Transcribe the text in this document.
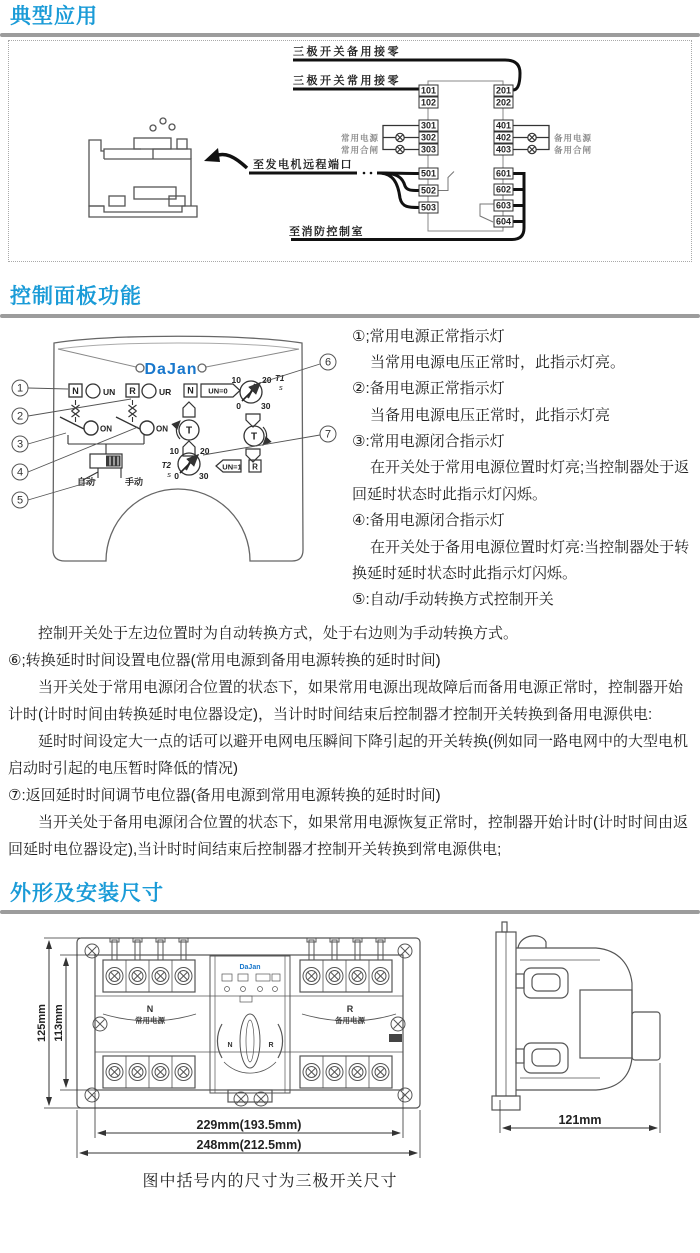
典型应用
三极开关备用接零
三极开关常用接零
常用电源
常用合闸
备用电源
备用合闸
至发电机远程端口
至消防控制室
101
102
301
302
303
501
502
503
201
202
401
402
403
601
602
603
604
控制面板功能
DaJan
N	UN R	UR
ON	ON
自动	手动
N UN=0
T
10 20
0 30
T2
s
10 20
0 30
T1
s
T
UN=1 R
1
2
3
4
5
6
7
①;常用电源正常指示灯
当常用电源电压正常时，此指示灯亮。
②:备用电源正常指示灯
当备用电源电压正常时，此指示灯亮
③:常用电源闭合指示灯
在开关处于常用电源位置时灯亮;当控制器处于返回延时状态时此指示灯闪烁。
④:备用电源闭合指示灯
在开关处于备用电源位置时灯亮:当控制器处于转换延时延时状态时此指示灯闪烁。
⑤:自动/手动转换方式控制开关

控制开关处于左边位置时为自动转换方式，处于右边则为手动转换方式。

⑥;转换延时时间设置电位器(常用电源到备用电源转换的延时时间)

当开关处于常用电源闭合位置的状态下，如果常用电源出现故障后而备用电源正常时，控制器开始计时(计时时间由转换延时电位器设定)，当计时时间结束后控制器才控制开关转换到备用电源供电:

延时时间设定大一点的话可以避开电网电压瞬间下降引起的开关转换(例如同一路电网中的大型电机启动时引起的电压暂时降低的情况)

⑦:返回延时时间调节电位器(备用电源到常用电源转换的延时时间)

当开关处于备用电源闭合位置的状态下，如果常用电源恢复正常时，控制器开始计时(计时时间由返回延时电位器设定),当计时时间结束后控制器才控制开关转换到常电源供电;

外形及安装尺寸
N
常用电源
R
备用电源
DaJan
N	R
125mm 113mm
229mm(193.5mm)
248mm(212.5mm)
121mm
图中括号内的尺寸为三极开关尺寸
